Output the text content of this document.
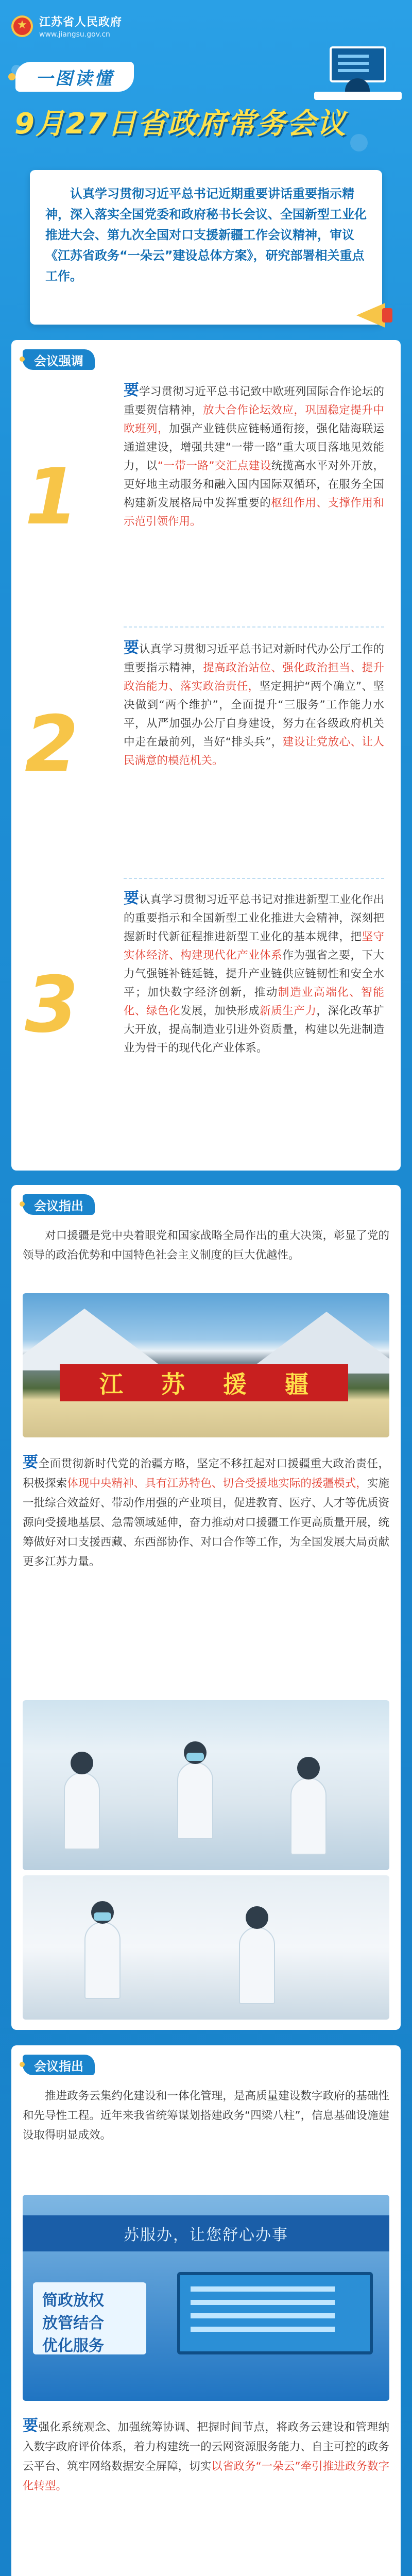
★
江苏省人民政府
www.jiangsu.gov.cn
一图读懂
9月27日省政府常务会议

认真学习贯彻习近平总书记近期重要讲话重要指示精神，深入落实全国党委和政府秘书长会议、全国新型工业化推进大会、第九次全国对口支援新疆工作会议精神，审议《江苏省政务“一朵云”建设总体方案》，研究部署相关重点工作。

会议强调
1
要学习贯彻习近平总书记致中欧班列国际合作论坛的重要贺信精神，放大合作论坛效应，巩固稳定提升中欧班列，加强产业链供应链畅通衔接，强化陆海联运通道建设，增强共建“一带一路”重大项目落地见效能力，以“一带一路”交汇点建设统揽高水平对外开放，更好地主动服务和融入国内国际双循环，在服务全国构建新发展格局中发挥重要的枢纽作用、支撑作用和示范引领作用。
2
要认真学习贯彻习近平总书记对新时代办公厅工作的重要指示精神，提高政治站位、强化政治担当、提升政治能力、落实政治责任，坚定拥护“两个确立”、坚决做到“两个维护”，全面提升“三服务”工作能力水平，从严加强办公厅自身建设，努力在各级政府机关中走在最前列，当好“排头兵”，建设让党放心、让人民满意的模范机关。
3
要认真学习贯彻习近平总书记对推进新型工业化作出的重要指示和全国新型工业化推进大会精神，深刻把握新时代新征程推进新型工业化的基本规律，把坚守实体经济、构建现代化产业体系作为强省之要，下大力气强链补链延链，提升产业链供应链韧性和安全水平；加快数字经济创新，推动制造业高端化、智能化、绿色化发展，加快形成新质生产力，深化改革扩大开放，提高制造业引进外资质量，构建以先进制造业为骨干的现代化产业体系。
会议指出
对口援疆是党中央着眼党和国家战略全局作出的重大决策，彰显了党的领导的政治优势和中国特色社会主义制度的巨大优越性。
江 苏 援 疆
要全面贯彻新时代党的治疆方略，坚定不移扛起对口援疆重大政治责任，积极探索体现中央精神、具有江苏特色、切合受援地实际的援疆模式，实施一批综合效益好、带动作用强的产业项目，促进教育、医疗、人才等优质资源向受援地基层、急需领域延伸，奋力推动对口援疆工作更高质量开展，统筹做好对口支援西藏、东西部协作、对口合作等工作，为全国发展大局贡献更多江苏力量。
会议指出
推进政务云集约化建设和一体化管理，是高质量建设数字政府的基础性和先导性工程。近年来我省统筹谋划搭建政务“四梁八柱”，信息基础设施建设取得明显成效。
苏服办，让您舒心办事
简政放权
放管结合
优化服务
要强化系统观念、加强统筹协调、把握时间节点，将政务云建设和管理纳入数字政府评价体系，着力构建统一的云网资源服务能力、自主可控的政务云平台、筑牢网络数据安全屏障，切实以省政务“一朵云”牵引推进政务数字化转型。
